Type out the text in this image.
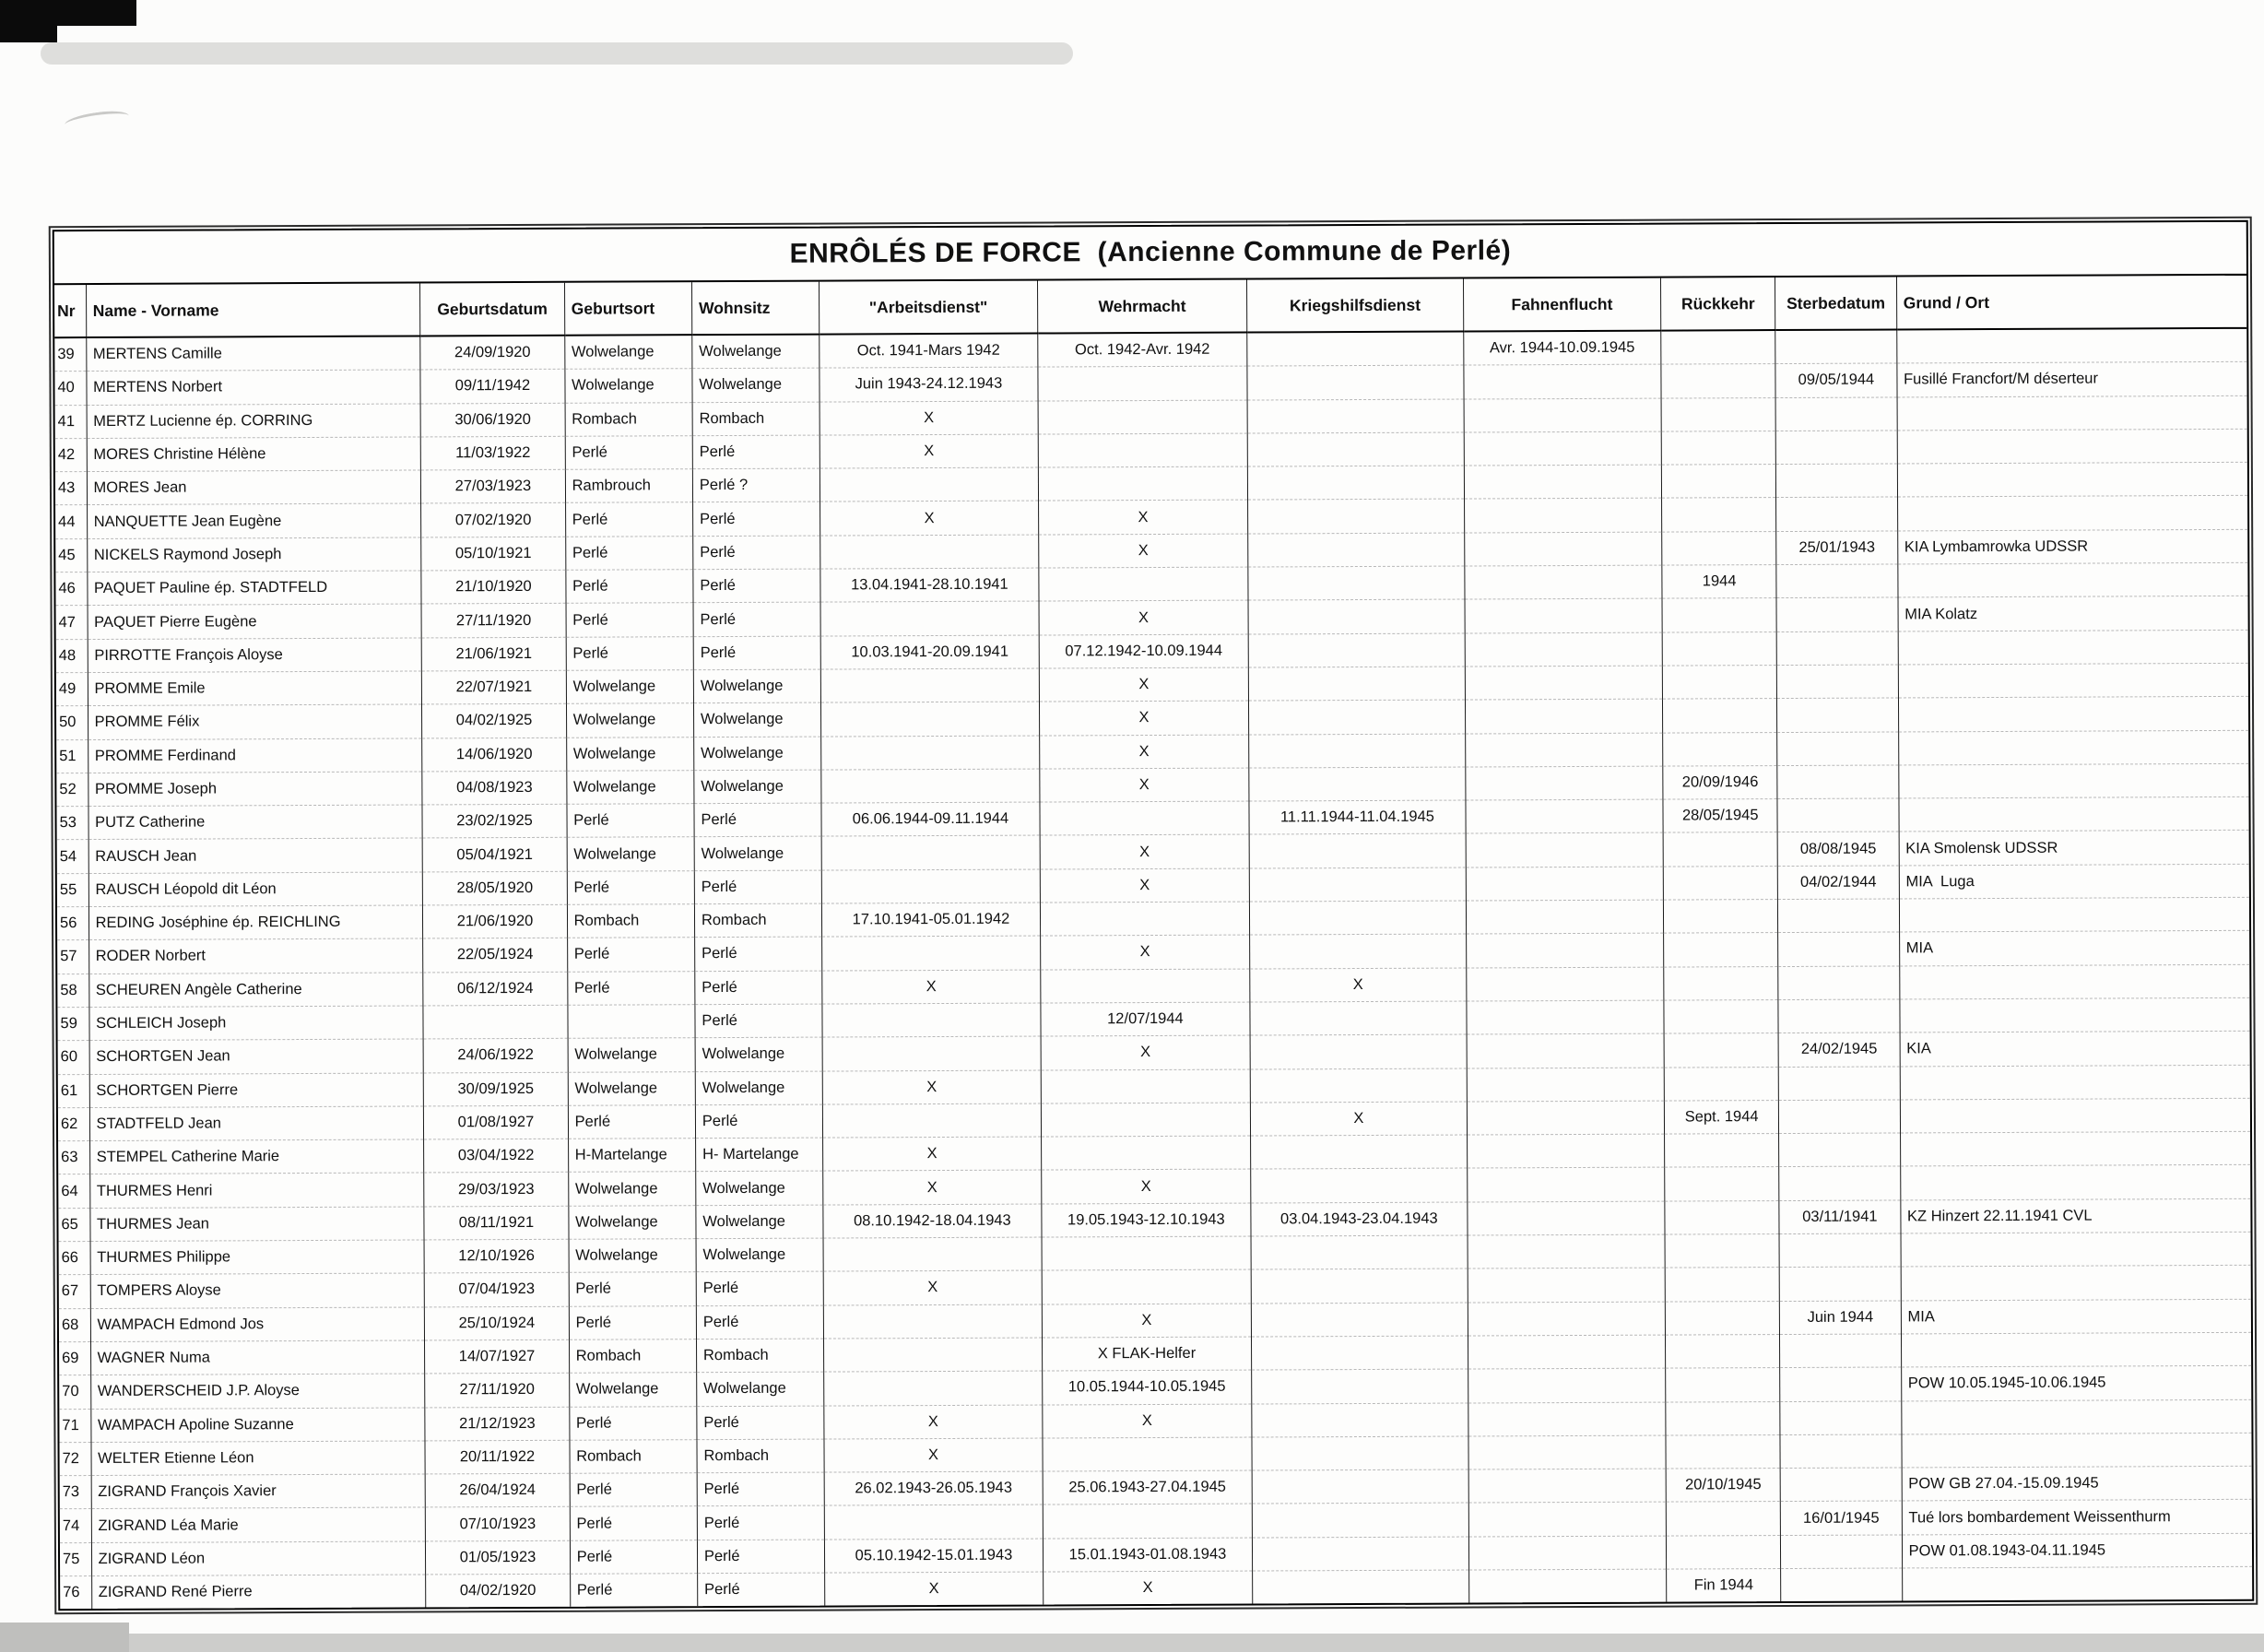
ENRÔLÉS DE FORCE  (Ancienne Commune de Perlé)
Nr	Name - Vorname	Geburtsdatum	Geburtsort	Wohnsitz	"Arbeitsdienst"	Wehrmacht	Kriegshilfsdienst	Fahnenflucht	Rückkehr	Sterbedatum	Grund / Ort
39	MERTENS Camille	24/09/1920	Wolwelange	Wolwelange	Oct. 1941-Mars 1942	Oct. 1942-Avr. 1942		Avr. 1944-10.09.1945			
40	MERTENS Norbert	09/11/1942	Wolwelange	Wolwelange	Juin 1943-24.12.1943					09/05/1944	Fusillé Francfort/M déserteur
41	MERTZ Lucienne ép. CORRING	30/06/1920	Rombach	Rombach	X						
42	MORES Christine Hélène	11/03/1922	Perlé	Perlé	X						
43	MORES Jean	27/03/1923	Rambrouch	Perlé ?							
44	NANQUETTE Jean Eugène	07/02/1920	Perlé	Perlé	X	X					
45	NICKELS Raymond Joseph	05/10/1921	Perlé	Perlé		X				25/01/1943	KIA Lymbamrowka UDSSR
46	PAQUET Pauline ép. STADTFELD	21/10/1920	Perlé	Perlé	13.04.1941-28.10.1941				1944		
47	PAQUET Pierre Eugène	27/11/1920	Perlé	Perlé		X					MIA Kolatz
48	PIRROTTE François Aloyse	21/06/1921	Perlé	Perlé	10.03.1941-20.09.1941	07.12.1942-10.09.1944					
49	PROMME Emile	22/07/1921	Wolwelange	Wolwelange		X					
50	PROMME Félix	04/02/1925	Wolwelange	Wolwelange		X					
51	PROMME Ferdinand	14/06/1920	Wolwelange	Wolwelange		X					
52	PROMME Joseph	04/08/1923	Wolwelange	Wolwelange		X			20/09/1946		
53	PUTZ Catherine	23/02/1925	Perlé	Perlé	06.06.1944-09.11.1944		11.11.1944-11.04.1945		28/05/1945		
54	RAUSCH Jean	05/04/1921	Wolwelange	Wolwelange		X				08/08/1945	KIA Smolensk UDSSR
55	RAUSCH Léopold dit Léon	28/05/1920	Perlé	Perlé		X				04/02/1944	MIA  Luga
56	REDING Joséphine ép. REICHLING	21/06/1920	Rombach	Rombach	17.10.1941-05.01.1942						
57	RODER Norbert	22/05/1924	Perlé	Perlé		X					MIA
58	SCHEUREN Angèle Catherine	06/12/1924	Perlé	Perlé	X		X				
59	SCHLEICH Joseph			Perlé		12/07/1944					
60	SCHORTGEN Jean	24/06/1922	Wolwelange	Wolwelange		X				24/02/1945	KIA
61	SCHORTGEN Pierre	30/09/1925	Wolwelange	Wolwelange	X						
62	STADTFELD Jean	01/08/1927	Perlé	Perlé			X		Sept. 1944		
63	STEMPEL Catherine Marie	03/04/1922	H-Martelange	H- Martelange	X						
64	THURMES Henri	29/03/1923	Wolwelange	Wolwelange	X	X					
65	THURMES Jean	08/11/1921	Wolwelange	Wolwelange	08.10.1942-18.04.1943	19.05.1943-12.10.1943	03.04.1943-23.04.1943			03/11/1941	KZ Hinzert 22.11.1941 CVL
66	THURMES Philippe	12/10/1926	Wolwelange	Wolwelange							
67	TOMPERS Aloyse	07/04/1923	Perlé	Perlé	X						
68	WAMPACH Edmond Jos	25/10/1924	Perlé	Perlé		X				Juin 1944	MIA
69	WAGNER Numa	14/07/1927	Rombach	Rombach		X FLAK-Helfer					
70	WANDERSCHEID J.P. Aloyse	27/11/1920	Wolwelange	Wolwelange		10.05.1944-10.05.1945					POW 10.05.1945-10.06.1945
71	WAMPACH Apoline Suzanne	21/12/1923	Perlé	Perlé	X	X					
72	WELTER Etienne Léon	20/11/1922	Rombach	Rombach	X						
73	ZIGRAND François Xavier	26/04/1924	Perlé	Perlé	26.02.1943-26.05.1943	25.06.1943-27.04.1945			20/10/1945		POW GB 27.04.-15.09.1945
74	ZIGRAND Léa Marie	07/10/1923	Perlé	Perlé						16/01/1945	Tué lors bombardement Weissenthurm
75	ZIGRAND Léon	01/05/1923	Perlé	Perlé	05.10.1942-15.01.1943	15.01.1943-01.08.1943					POW 01.08.1943-04.11.1945
76	ZIGRAND René Pierre	04/02/1920	Perlé	Perlé	X	X			Fin 1944		
